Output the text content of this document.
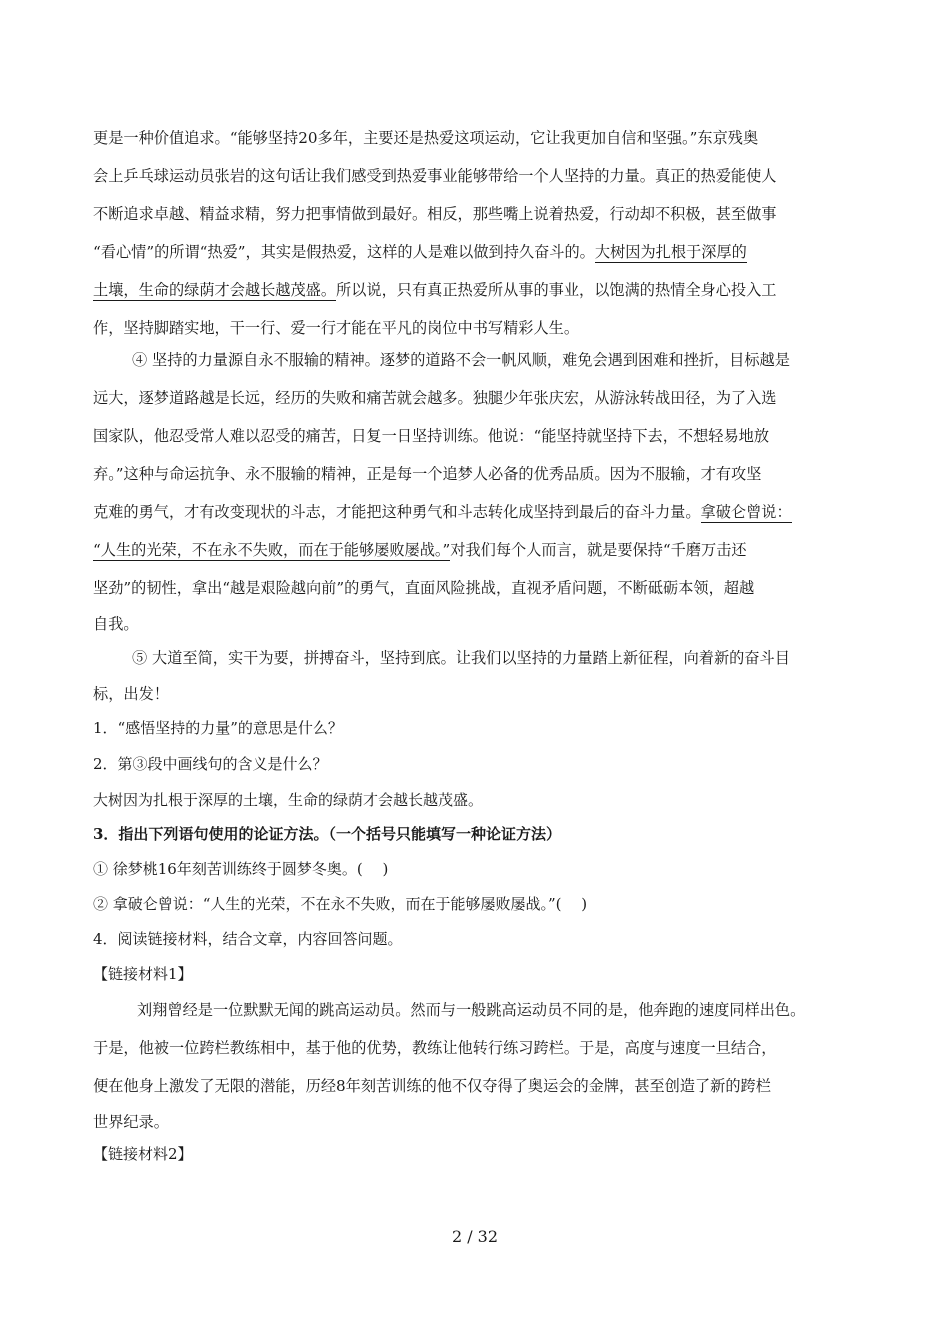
更是一种价值追求。“能够坚持20多年，主要还是热爱这项运动，它让我更加自信和坚强。”东京残奥
会上乒乓球运动员张岩的这句话让我们感受到热爱事业能够带给一个人坚持的力量。真正的热爱能使人
不断追求卓越、精益求精，努力把事情做到最好。相反，那些嘴上说着热爱，行动却不积极，甚至做事
“看心情”的所谓“热爱”，其实是假热爱，这样的人是难以做到持久奋斗的。大树因为扎根于深厚的
土壤，生命的绿荫才会越长越茂盛。所以说，只有真正热爱所从事的事业，以饱满的热情全身心投入工
作，坚持脚踏实地，干一行、爱一行才能在平凡的岗位中书写精彩人生。
④ 坚持的力量源自永不服输的精神。逐梦的道路不会一帆风顺，难免会遇到困难和挫折，目标越是
远大，逐梦道路越是长远，经历的失败和痛苦就会越多。独腿少年张庆宏，从游泳转战田径，为了入选
国家队，他忍受常人难以忍受的痛苦，日复一日坚持训练。他说：“能坚持就坚持下去，不想轻易地放
弃。”这种与命运抗争、永不服输的精神，正是每一个追梦人必备的优秀品质。因为不服输，才有攻坚
克难的勇气，才有改变现状的斗志，才能把这种勇气和斗志转化成坚持到最后的奋斗力量。拿破仑曾说：
“人生的光荣，不在永不失败，而在于能够屡败屡战。”对我们每个人而言，就是要保持“千磨万击还
坚劲”的韧性，拿出“越是艰险越向前”的勇气，直面风险挑战，直视矛盾问题，不断砥砺本领，超越
自我。
⑤ 大道至简，实干为要，拼搏奋斗，坚持到底。让我们以坚持的力量踏上新征程，向着新的奋斗目
标，出发！
1．“感悟坚持的力量”的意思是什么？
2．第③段中画线句的含义是什么？
大树因为扎根于深厚的土壤，生命的绿荫才会越长越茂盛。
3．指出下列语句使用的论证方法。（一个括号只能填写一种论证方法）
① 徐梦桃16年刻苦训练终于圆梦冬奥。(　 )
② 拿破仑曾说：“人生的光荣，不在永不失败，而在于能够屡败屡战。”(　 )
4．阅读链接材料，结合文章，内容回答问题。
【链接材料1】
刘翔曾经是一位默默无闻的跳高运动员。然而与一般跳高运动员不同的是，他奔跑的速度同样出色。
于是，他被一位跨栏教练相中，基于他的优势，教练让他转行练习跨栏。于是，高度与速度一旦结合，
便在他身上激发了无限的潜能，历经8年刻苦训练的他不仅夺得了奥运会的金牌，甚至创造了新的跨栏
世界纪录。
【链接材料2】
2 / 32
